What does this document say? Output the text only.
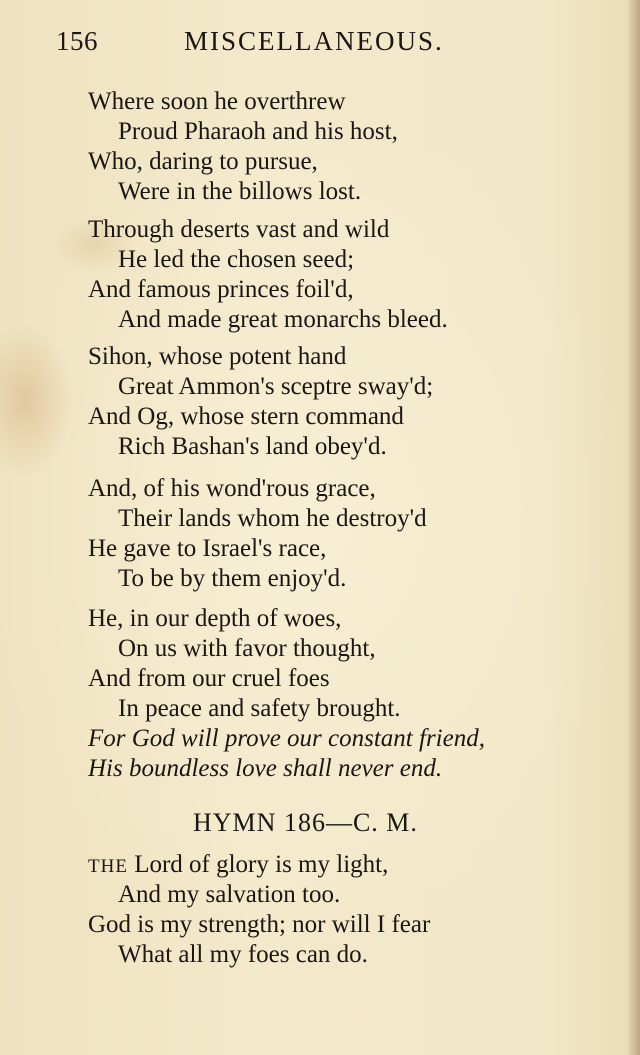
156	MISCELLANEOUS.
Where soon he overthrew
Proud Pharaoh and his host,
Who, daring to pursue,
Were in the billows lost.
Through deserts vast and wild
He led the chosen seed;
And famous princes foil'd,
And made great monarchs bleed.
Sihon, whose potent hand
Great Ammon's sceptre sway'd;
And Og, whose stern command
Rich Bashan's land obey'd.
And, of his wond'rous grace,
Their lands whom he destroy'd
He gave to Israel's race,
To be by them enjoy'd.
He, in our depth of woes,
On us with favor thought,
And from our cruel foes
In peace and safety brought.
For God will prove our constant friend,
His boundless love shall never end.
HYMN 186—C. M.
THE Lord of glory is my light,
And my salvation too.
God is my strength; nor will I fear
What all my foes can do.
